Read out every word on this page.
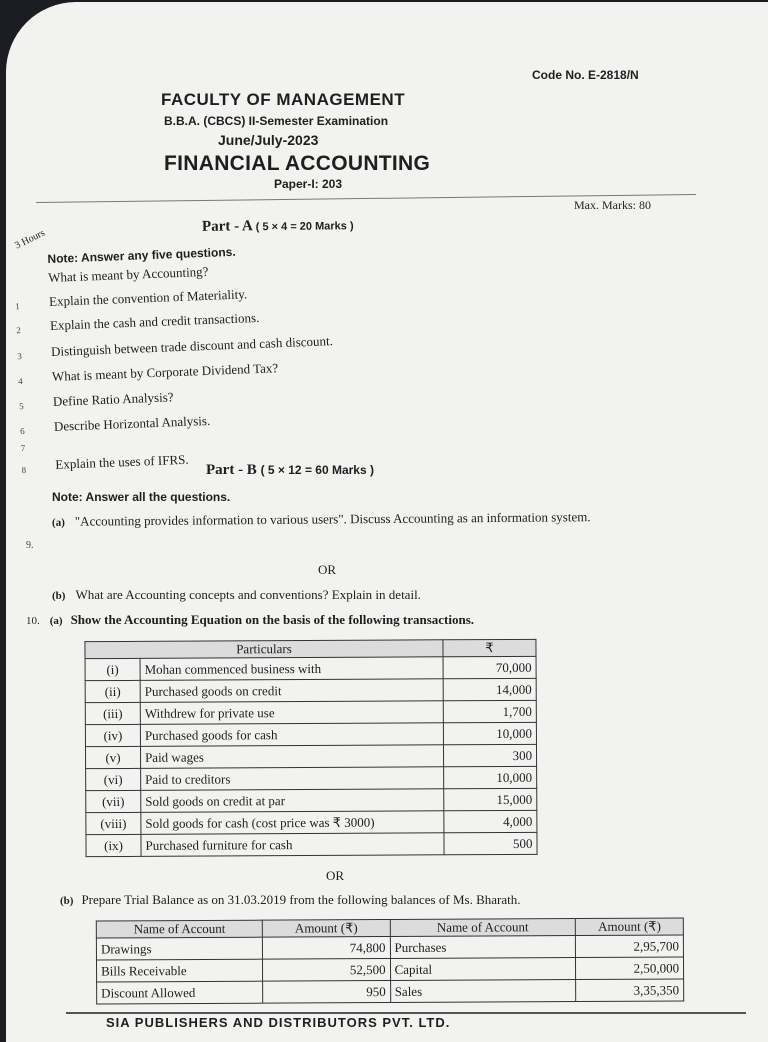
Code No. E-2818/N
FACULTY OF MANAGEMENT
B.B.A. (CBCS) II-Semester Examination
June/July-2023
FINANCIAL ACCOUNTING
Paper-I: 203
Max. Marks: 80
3 Hours
Part - A ( 5 × 4 = 20 Marks )
Note: Answer any five questions.
What is meant by Accounting?
1 Explain the convention of Materiality.
2 Explain the cash and credit transactions.
3 Distinguish between trade discount and cash discount.
4 What is meant by Corporate Dividend Tax?
5 Define Ratio Analysis?
6 Describe Horizontal Analysis.
7
8 Explain the uses of IFRS. Part - B ( 5 × 12 = 60 Marks )
Note: Answer all the questions.
9.
(a) "Accounting provides information to various users". Discuss Accounting as an information system.
OR
(b) What are Accounting concepts and conventions? Explain in detail.
10. (a) Show the Accounting Equation on the basis of the following transactions.
Particulars		₹
(i)	Mohan commenced business with	70,000
(ii)	Purchased goods on credit	14,000
(iii)	Withdrew for private use	1,700
(iv)	Purchased goods for cash	10,000
(v)	Paid wages	300
(vi)	Paid to creditors	10,000
(vii)	Sold goods on credit at par	15,000
(viii)	Sold goods for cash (cost price was ₹ 3000)	4,000
(ix)	Purchased furniture for cash	500
OR
(b) Prepare Trial Balance as on 31.03.2019 from the following balances of Ms. Bharath.
Name of Account	Amount (₹)	Name of Account	Amount (₹)
Drawings	74,800	Purchases	2,95,700
Bills Receivable	52,500	Capital	2,50,000
Discount Allowed	950	Sales	3,35,350
SIA PUBLISHERS AND DISTRIBUTORS PVT. LTD.
